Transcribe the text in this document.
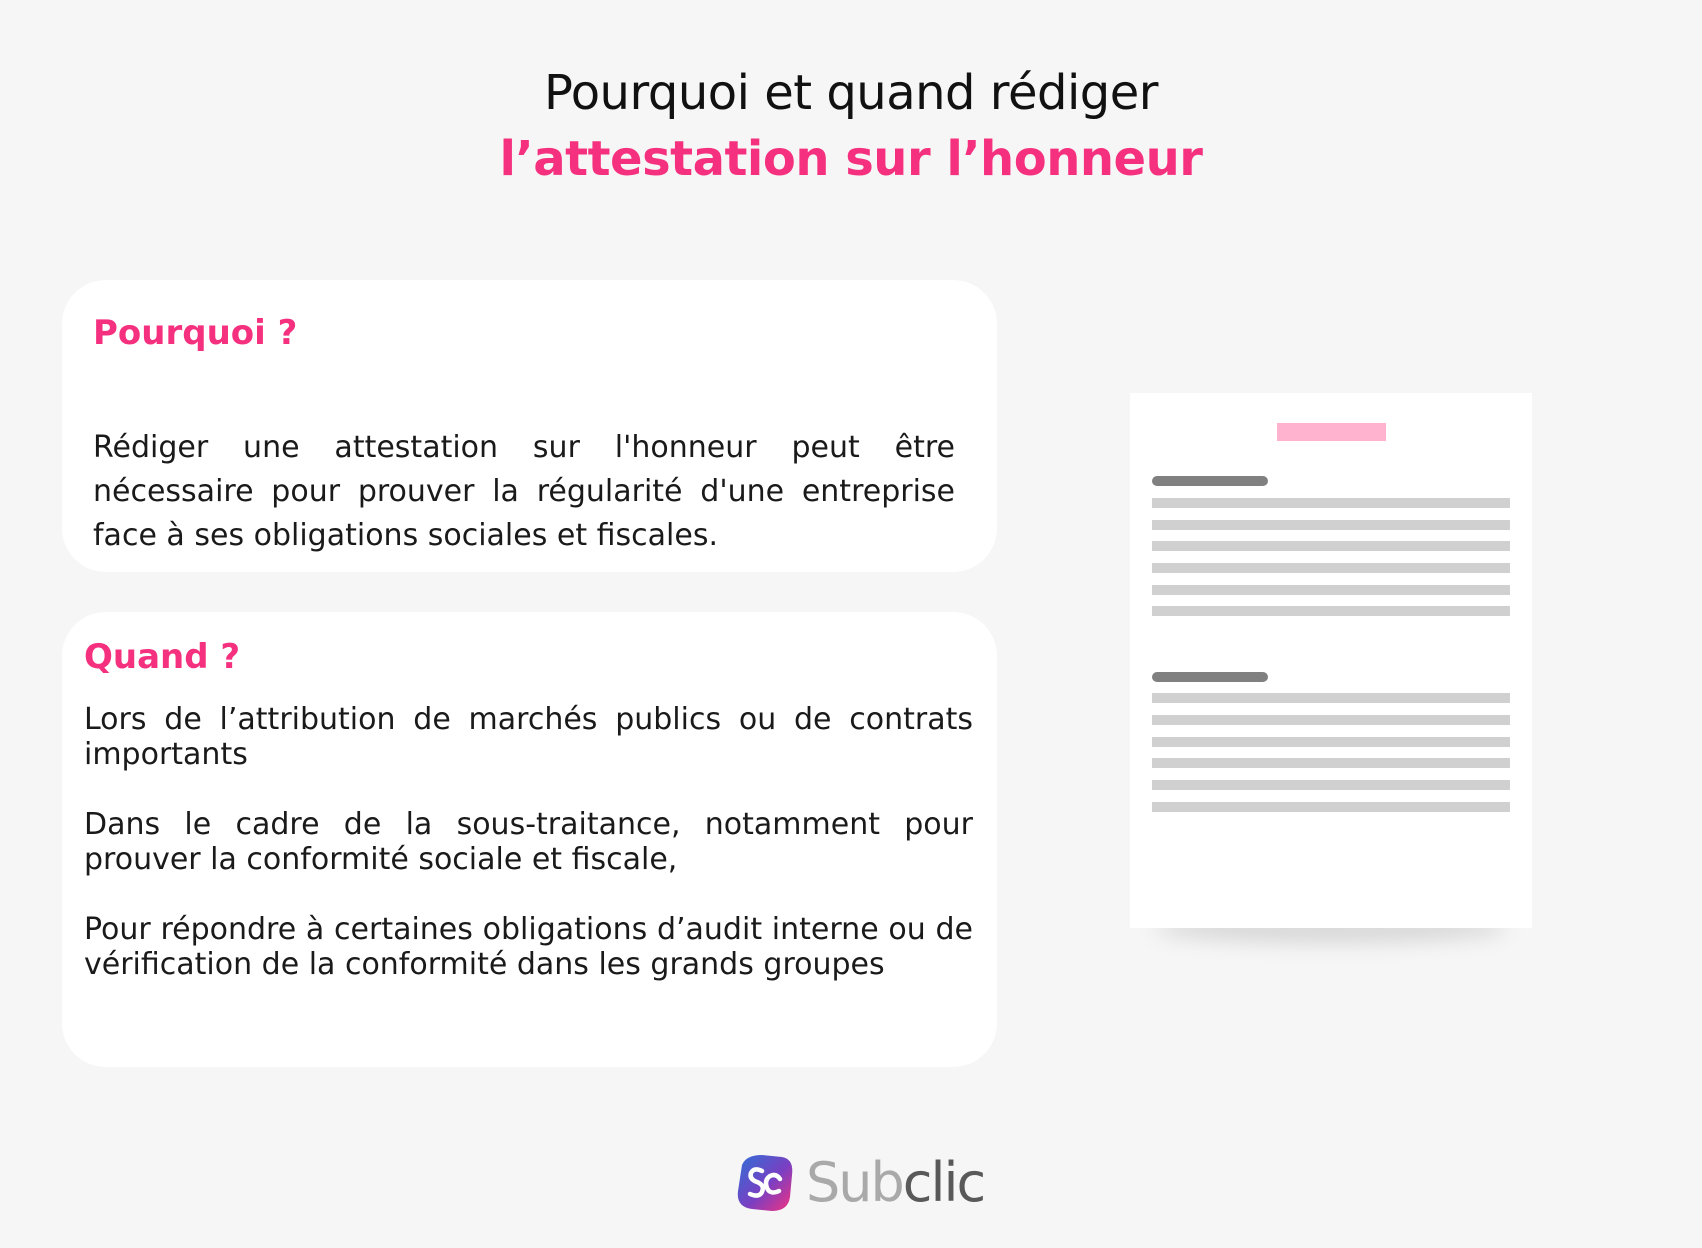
Pourquoi et quand rédiger
l’attestation sur l’honneur
Pourquoi ?
Rédiger une attestation sur l'honneur peut être nécessaire pour prouver la régularité d'une entreprise face à ses obligations sociales et fiscales.
Quand ?

Lors de l’attribution de marchés publics ou de contrats importants

Dans le cadre de la sous-traitance, notamment pour prouver la conformité sociale et fiscale,

Pour répondre à certaines obligations d’audit interne ou de vérification de la conformité dans les grands groupes

Subclic
